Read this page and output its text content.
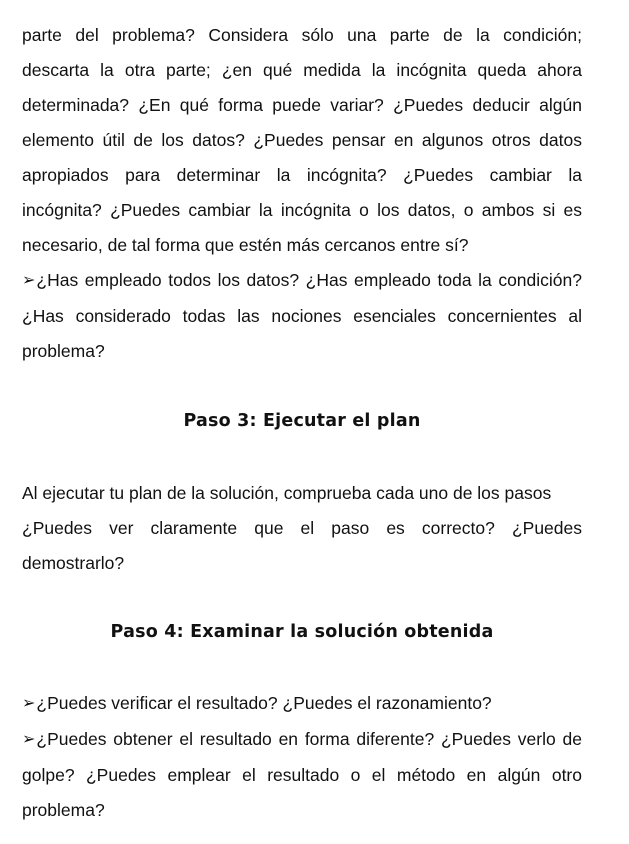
parte del problema? Considera sólo una parte de la condición;
descarta la otra parte; ¿en qué medida la incógnita queda ahora
determinada? ¿En qué forma puede variar? ¿Puedes deducir algún
elemento útil de los datos? ¿Puedes pensar en algunos otros datos
apropiados para determinar la incógnita? ¿Puedes cambiar la
incógnita? ¿Puedes cambiar la incógnita o los datos, o ambos si es
necesario, de tal forma que estén más cercanos entre sí?
➢¿Has empleado todos los datos? ¿Has empleado toda la condición?
¿Has considerado todas las nociones esenciales concernientes al
problema?
Paso 3: Ejecutar el plan
Al ejecutar tu plan de la solución, comprueba cada uno de los pasos
¿Puedes ver claramente que el paso es correcto? ¿Puedes
demostrarlo?
Paso 4: Examinar la solución obtenida
➢¿Puedes verificar el resultado? ¿Puedes el razonamiento?
➢¿Puedes obtener el resultado en forma diferente? ¿Puedes verlo de
golpe? ¿Puedes emplear el resultado o el método en algún otro
problema?
